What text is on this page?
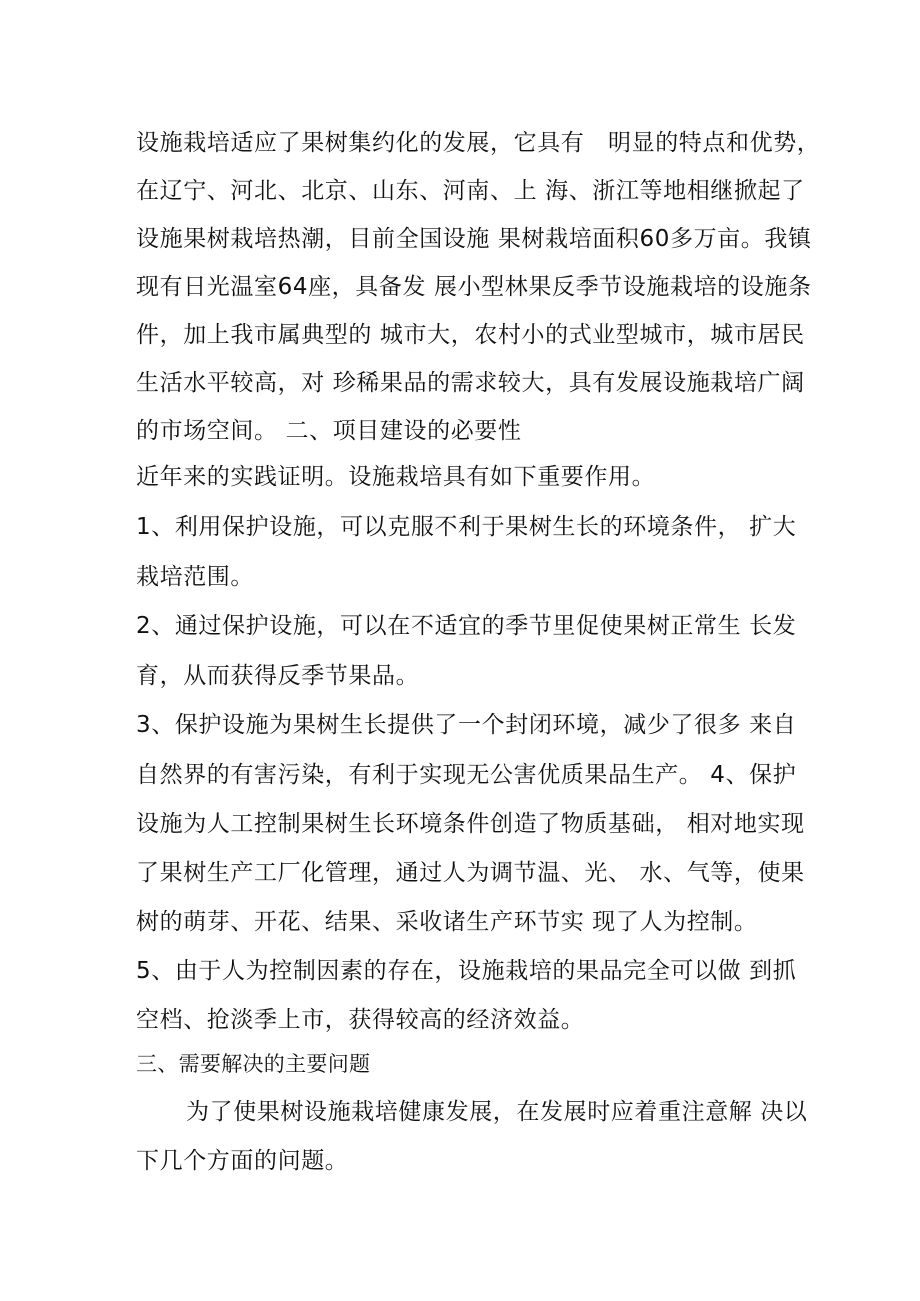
设施栽培适应了果树集约化的发展，它具有　明显的特点和优势，
在辽宁、河北、北京、山东、河南、上 海、浙江等地相继掀起了
设施果树栽培热潮，目前全国设施 果树栽培面积60多万亩。我镇
现有日光温室64座，具备发 展小型林果反季节设施栽培的设施条
件，加上我市属典型的 城市大，农村小的式业型城市，城市居民
生活水平较高，对 珍稀果品的需求较大，具有发展设施栽培广阔
的市场空间。 二、项目建设的必要性
近年来的实践证明。设施栽培具有如下重要作用。
1、利用保护设施，可以克服不利于果树生长的环境条件， 扩大
栽培范围。
2、通过保护设施，可以在不适宜的季节里促使果树正常生 长发
育，从而获得反季节果品。
3、保护设施为果树生长提供了一个封闭环境，减少了很多 来自
自然界的有害污染，有利于实现无公害优质果品生产。 4、保护
设施为人工控制果树生长环境条件创造了物质基础， 相对地实现
了果树生产工厂化管理，通过人为调节温、光、 水、气等，使果
树的萌芽、开花、结果、采收诸生产环节实 现了人为控制。
5、由于人为控制因素的存在，设施栽培的果品完全可以做 到抓
空档、抢淡季上市，获得较高的经济效益。
三、需要解决的主要问题
为了使果树设施栽培健康发展，在发展时应着重注意解 决以
下几个方面的问题。
